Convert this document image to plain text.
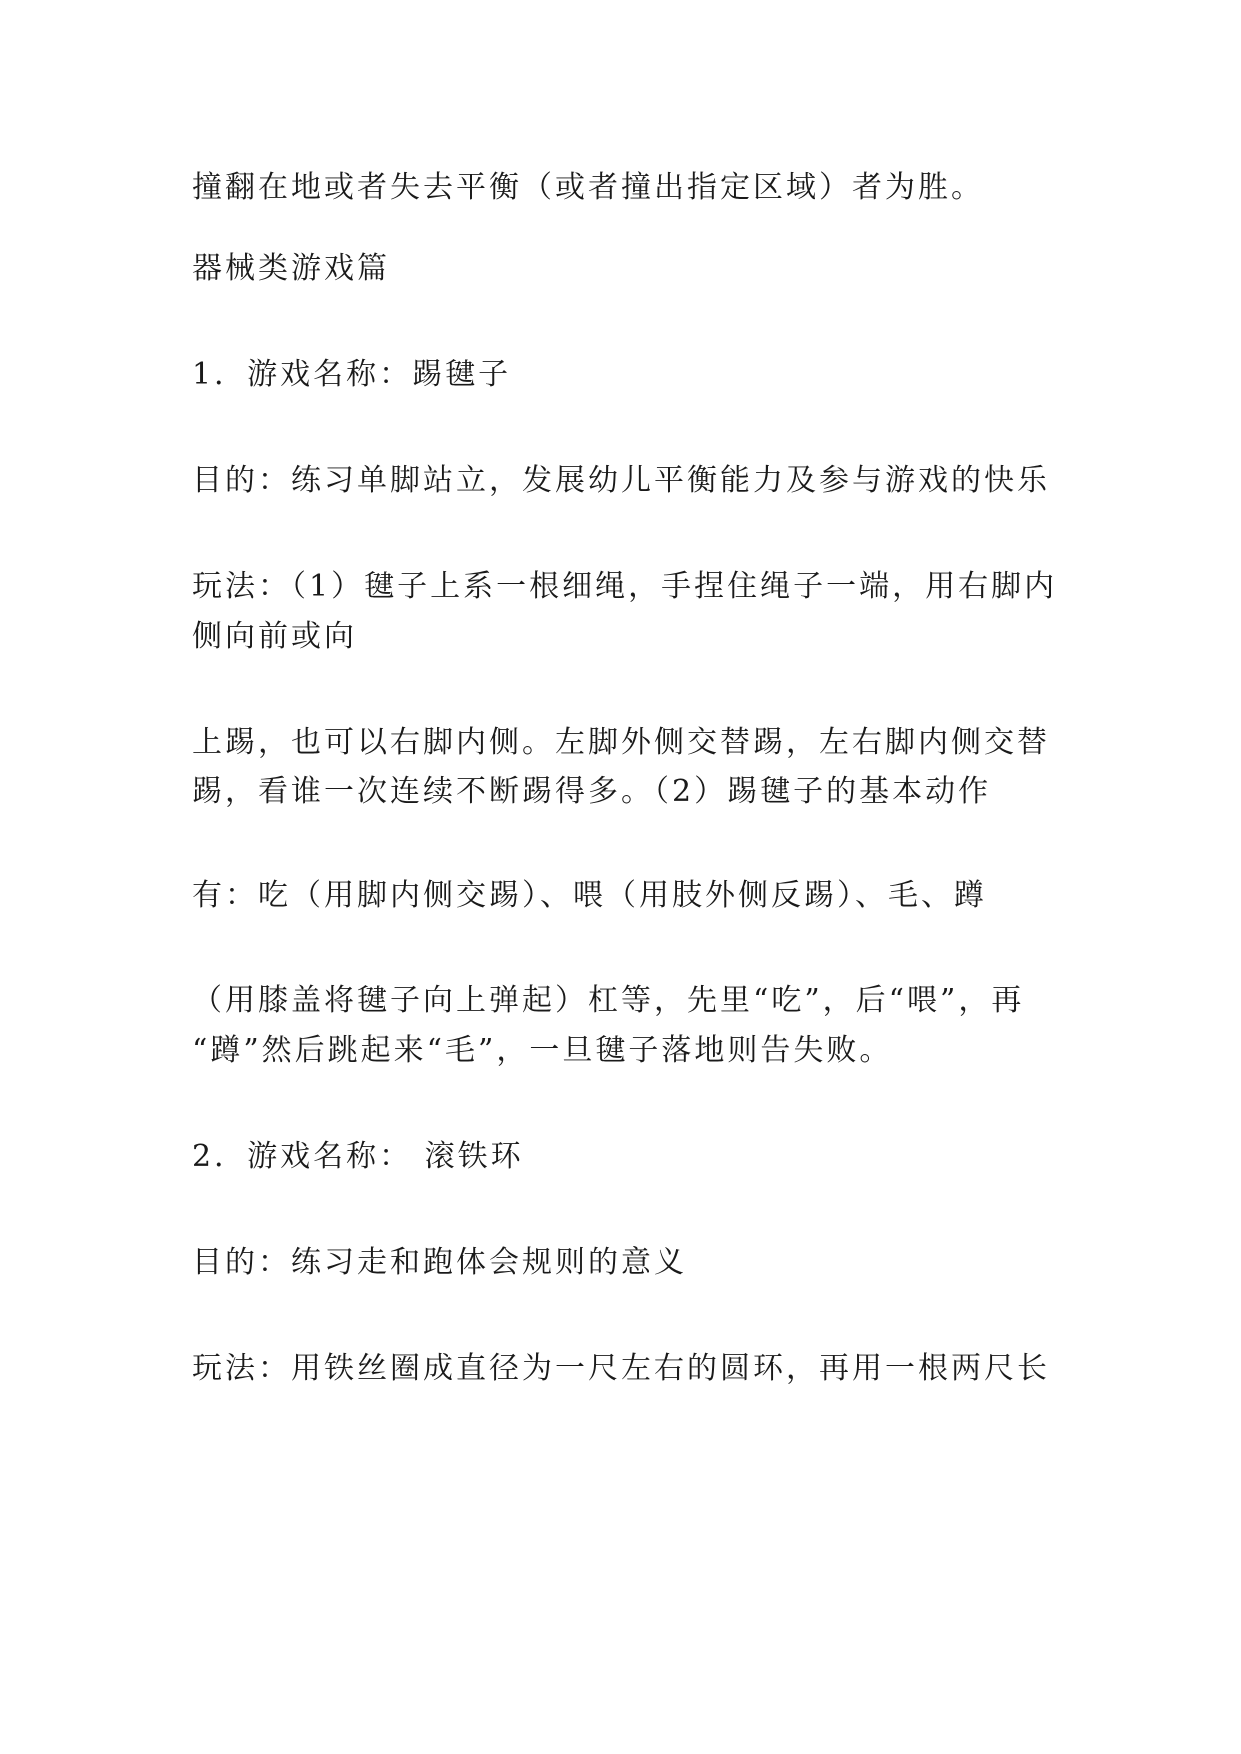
撞翻在地或者失去平衡（或者撞出指定区域）者为胜。
器械类游戏篇
1．游戏名称：踢毽子
目的：练习单脚站立，发展幼儿平衡能力及参与游戏的快乐
玩法：（1）毽子上系一根细绳，手捏住绳子一端，用右脚内
侧向前或向
上踢，也可以右脚内侧。左脚外侧交替踢，左右脚内侧交替
踢，看谁一次连续不断踢得多。（2）踢毽子的基本动作
有：吃（用脚内侧交踢）、喂（用肢外侧反踢）、毛、蹲
（用膝盖将毽子向上弹起）杠等，先里“吃”，后“喂”，再
“蹲”然后跳起来“毛”，一旦毽子落地则告失败。
2．游戏名称： 滚铁环
目的：练习走和跑体会规则的意义
玩法：用铁丝圈成直径为一尺左右的圆环，再用一根两尺长
